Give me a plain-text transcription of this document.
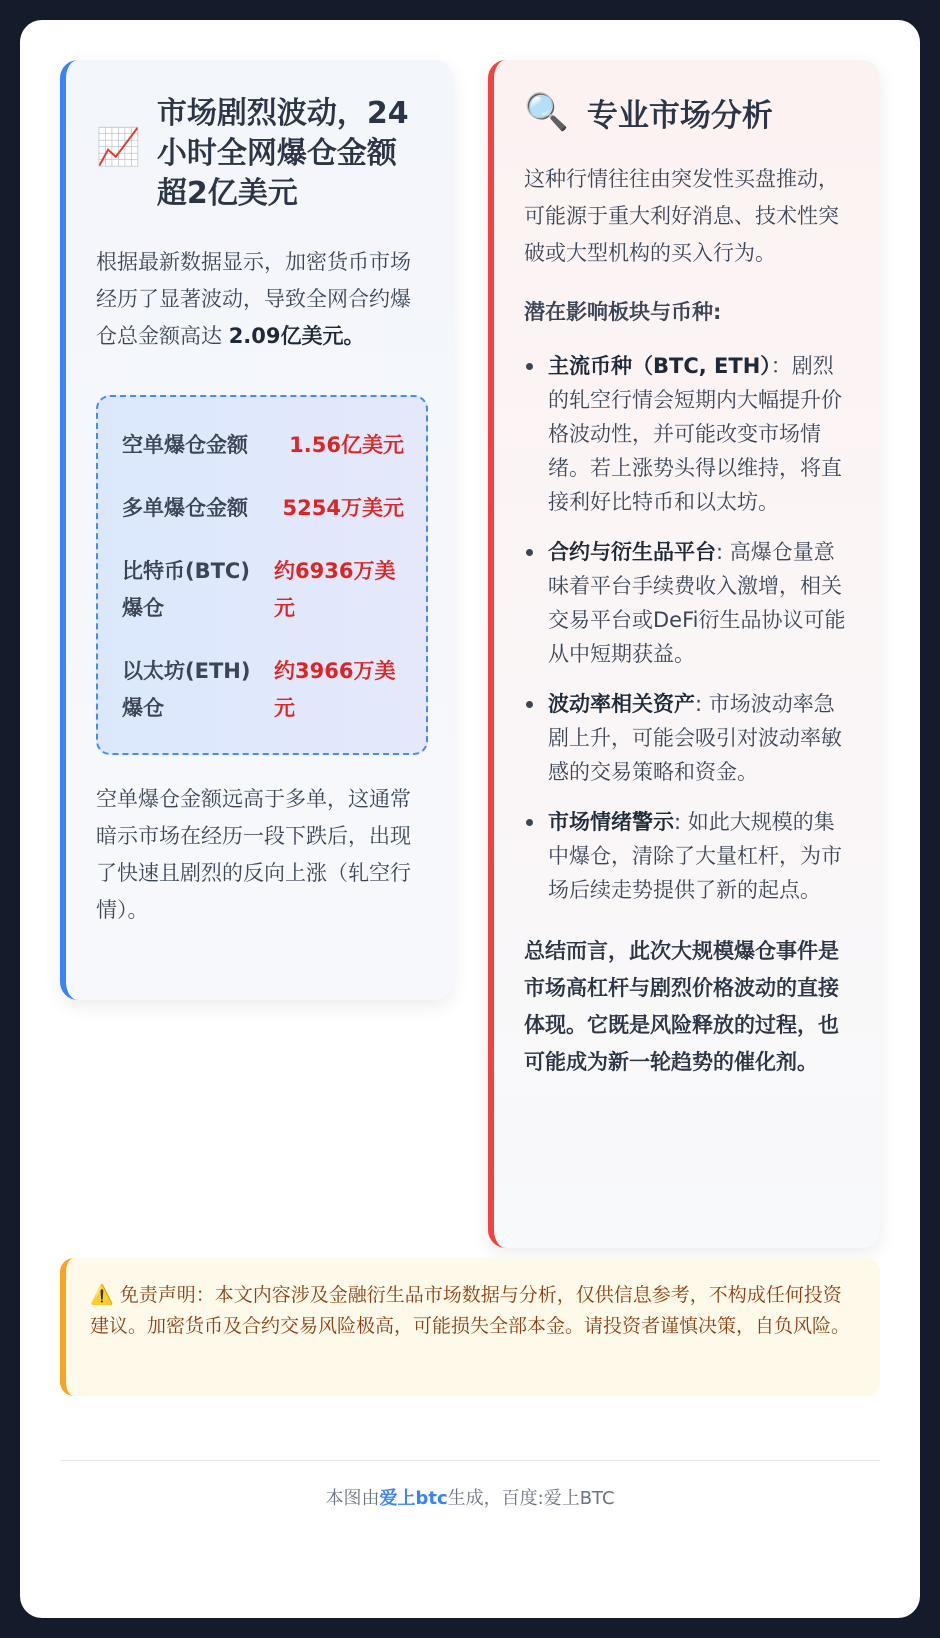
📈
市场剧烈波动，24小时全网爆仓金额超2亿美元

根据最新数据显示，加密货币市场经历了显著波动，导致全网合约爆仓总金额高达 2.09亿美元。

空单爆仓金额	1.56亿美元
多单爆仓金额	5254万美元
比特币(BTC)爆仓
约6936万美元
以太坊(ETH)爆仓
约3966万美元

空单爆仓金额远高于多单，这通常暗示市场在经历一段下跌后，出现了快速且剧烈的反向上涨（轧空行情）。

🔍 专业市场分析

这种行情往往由突发性买盘推动，可能源于重大利好消息、技术性突破或大型机构的买入行为。

潜在影响板块与币种:
主流币种（BTC, ETH）：剧烈的轧空行情会短期内大幅提升价格波动性，并可能改变市场情绪。若上涨势头得以维持，将直接利好比特币和以太坊。
合约与衍生品平台: 高爆仓量意味着平台手续费收入激增，相关交易平台或DeFi衍生品协议可能从中短期获益。
波动率相关资产: 市场波动率急剧上升，可能会吸引对波动率敏感的交易策略和资金。
市场情绪警示: 如此大规模的集中爆仓，清除了大量杠杆，为市场后续走势提供了新的起点。
总结而言，此次大规模爆仓事件是市场高杠杆与剧烈价格波动的直接体现。它既是风险释放的过程，也可能成为新一轮趋势的催化剂。
⚠️ 免责声明：本文内容涉及金融衍生品市场数据与分析，仅供信息参考，不构成任何投资建议。加密货币及合约交易风险极高，可能损失全部本金。请投资者谨慎决策，自负风险。
本图由爱上btc生成，百度:爱上BTC
